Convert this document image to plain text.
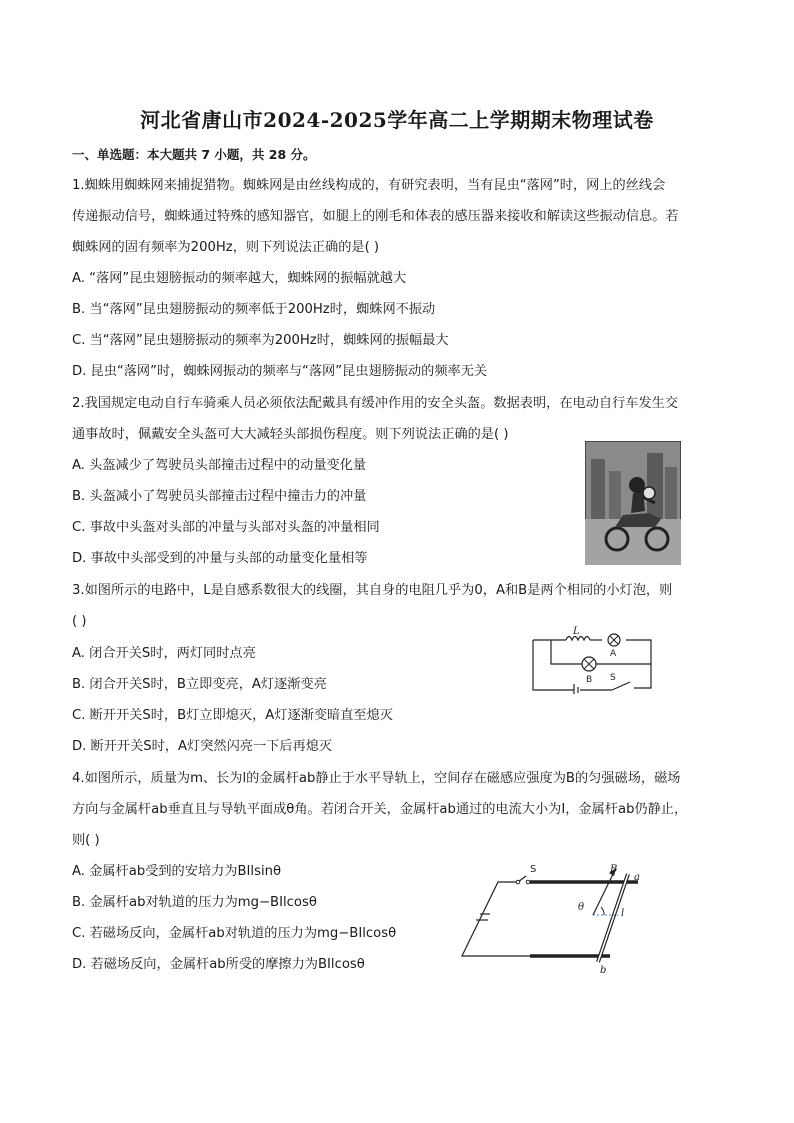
河北省唐山市2024-2025学年高二上学期期末物理试卷
一、单选题：本大题共 7 小题，共 28 分。
1.蜘蛛用蜘蛛网来捕捉猎物。蜘蛛网是由丝线构成的，有研究表明，当有昆虫“落网”时，网上的丝线会
传递振动信号，蜘蛛通过特殊的感知器官，如腿上的刚毛和体表的感压器来接收和解读这些振动信息。若
蜘蛛网的固有频率为200Hz，则下列说法正确的是( )
A. “落网”昆虫翅膀振动的频率越大，蜘蛛网的振幅就越大
B. 当“落网”昆虫翅膀振动的频率低于200Hz时，蜘蛛网不振动
C. 当“落网”昆虫翅膀振动的频率为200Hz时，蜘蛛网的振幅最大
D. 昆虫“落网”时，蜘蛛网振动的频率与“落网”昆虫翅膀振动的频率无关
2.我国规定电动自行车骑乘人员必须依法配戴具有缓冲作用的安全头盔。数据表明，在电动自行车发生交
通事故时，佩戴安全头盔可大大减轻头部损伤程度。则下列说法正确的是( )
A. 头盔减少了驾驶员头部撞击过程中的动量变化量
B. 头盔减小了驾驶员头部撞击过程中撞击力的冲量
C. 事故中头盔对头部的冲量与头部对头盔的冲量相同
D. 事故中头部受到的冲量与头部的动量变化量相等
3.如图所示的电路中，L是自感系数很大的线圈，其自身的电阻几乎为0，A和B是两个相同的小灯泡，则
( )
A. 闭合开关S时，两灯同时点亮
B. 闭合开关S时，B立即变亮，A灯逐渐变亮
C. 断开开关S时，B灯立即熄灭，A灯逐渐变暗直至熄灭
D. 断开开关S时，A灯突然闪亮一下后再熄灭
L
A
B S
4.如图所示，质量为m、长为l的金属杆ab静止于水平导轨上，空间存在磁感应强度为B的匀强磁场，磁场
方向与金属杆ab垂直且与导轨平面成θ角。若闭合开关，金属杆ab通过的电流大小为I，金属杆ab仍静止，
则( )
A. 金属杆ab受到的安培力为BIlsinθ
B. 金属杆ab对轨道的压力为mg−BIlcosθ
C. 若磁场反向，金属杆ab对轨道的压力为mg−BIlcosθ
D. 若磁场反向，金属杆ab所受的摩擦力为BIlcosθ
S	B
θ
l
a
b
